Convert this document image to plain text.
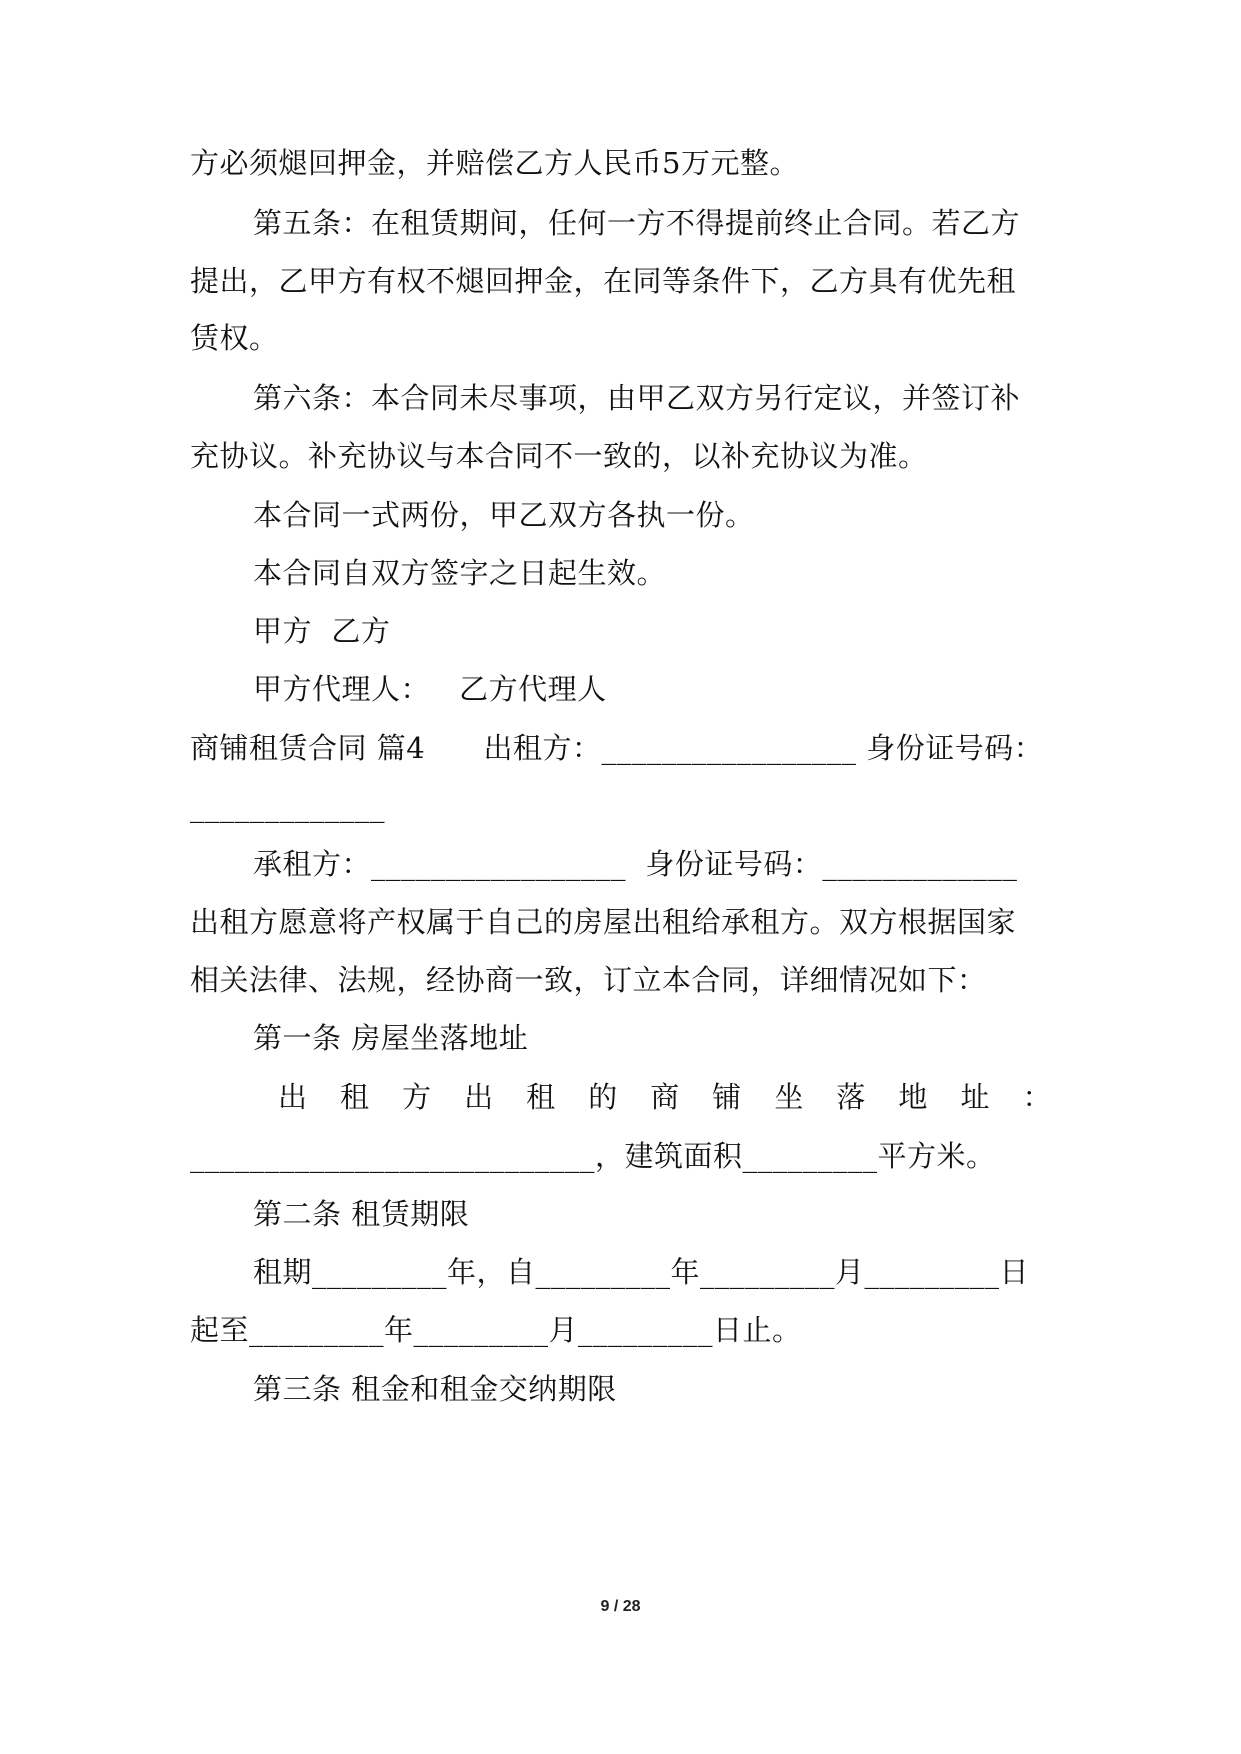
方必须煺回押金，并赔偿乙方人民币5万元整。
第五条：在租赁期间，任何一方不得提前终止合同。若乙方
提出，乙甲方有权不煺回押金，在同等条件下，乙方具有优先租
赁权。
第六条：本合同未尽事项，由甲乙双方另行定议，并签订补
充协议。补充协议与本合同不一致的，以补充协议为准。
本合同一式两份，甲乙双方各执一份。
本合同自双方签字之日起生效。
甲方  乙方
甲方代理人：   乙方代理人
商铺租赁合同 篇4      出租方：_________________ 身份证号码：
_____________
承租方：_________________  身份证号码：_____________
出租方愿意将产权属于自己的房屋出租给承租方。双方根据国家
相关法律、法规，经协商一致，订立本合同，详细情况如下：
第一条 房屋坐落地址
出 租 方 出 租 的 商 铺 坐 落 地 址 ：
___________________________，建筑面积_________平方米。
第二条 租赁期限
租期_________年，自_________年_________月_________日
起至_________年_________月_________日止。
第三条 租金和租金交纳期限
9 / 28
